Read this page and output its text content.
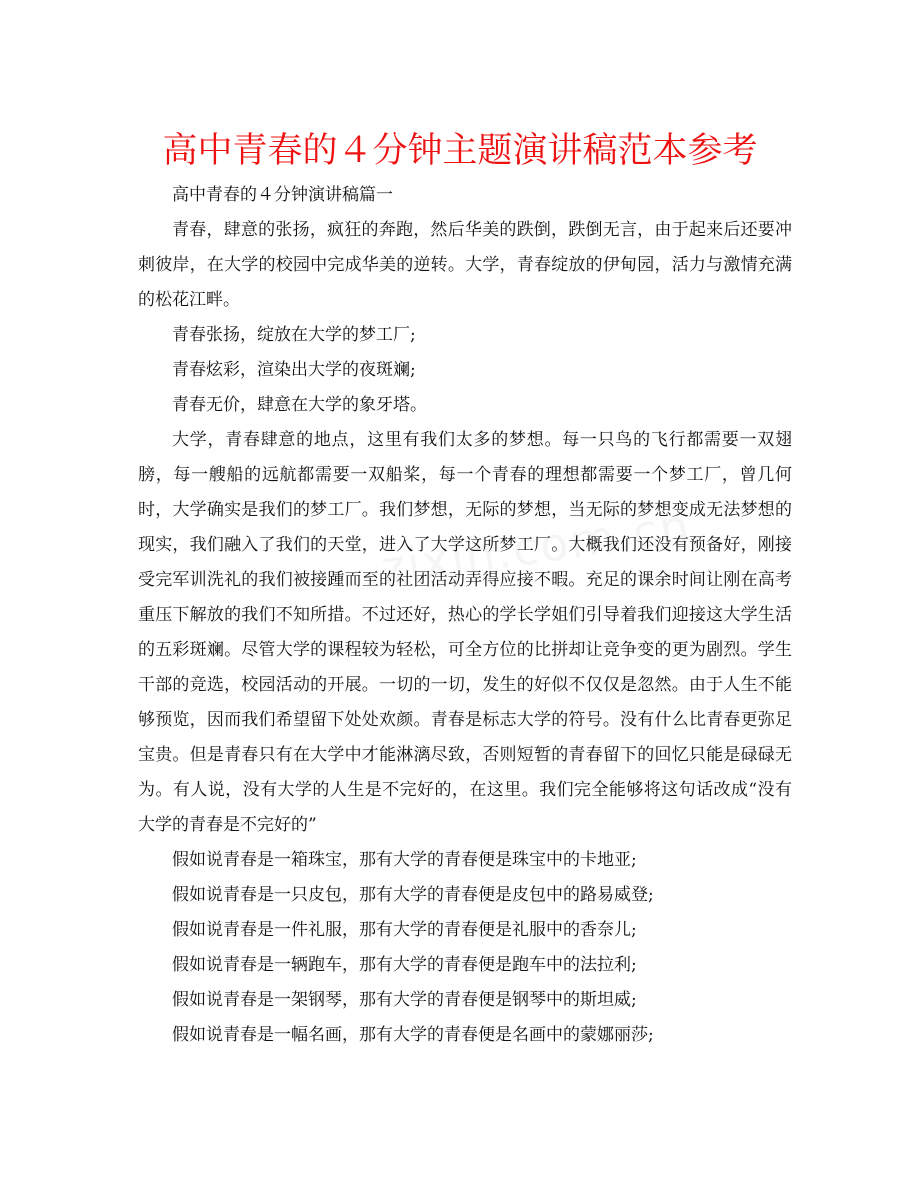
高中青春的４分钟主题演讲稿范本参考

高中青春的４分钟演讲稿篇一

青春，肆意的张扬，疯狂的奔跑，然后华美的跌倒，跌倒无言，由于起来后还要冲刺彼岸，在大学的校园中完成华美的逆转。大学，青春绽放的伊甸园，活力与激情充满的松花江畔。

青春张扬，绽放在大学的梦工厂;

青春炫彩，渲染出大学的夜斑斓;

青春无价，肆意在大学的象牙塔。

大学，青春肆意的地点，这里有我们太多的梦想。每一只鸟的飞行都需要一双翅膀，每一艘船的远航都需要一双船桨，每一个青春的理想都需要一个梦工厂，曾几何时，大学确实是我们的梦工厂。我们梦想，无际的梦想，当无际的梦想变成无法梦想的现实，我们融入了我们的天堂，进入了大学这所梦工厂。大概我们还没有预备好，刚接受完军训洗礼的我们被接踵而至的社团活动弄得应接不暇。充足的课余时间让刚在高考重压下解放的我们不知所措。不过还好，热心的学长学姐们引导着我们迎接这大学生活的五彩斑斓。尽管大学的课程较为轻松，可全方位的比拼却让竞争变的更为剧烈。学生干部的竞选，校园活动的开展。一切的一切，发生的好似不仅仅是忽然。由于人生不能够预览，因而我们希望留下处处欢颜。青春是标志大学的符号。没有什么比青春更弥足宝贵。但是青春只有在大学中才能淋漓尽致，否则短暂的青春留下的回忆只能是碌碌无为。有人说，没有大学的人生是不完好的，在这里。我们完全能够将这句话改成“没有大学的青春是不完好的”

假如说青春是一箱珠宝，那有大学的青春便是珠宝中的卡地亚;

假如说青春是一只皮包，那有大学的青春便是皮包中的路易威登;

假如说青春是一件礼服，那有大学的青春便是礼服中的香奈儿;

假如说青春是一辆跑车，那有大学的青春便是跑车中的法拉利;

假如说青春是一架钢琴，那有大学的青春便是钢琴中的斯坦威;

假如说青春是一幅名画，那有大学的青春便是名画中的蒙娜丽莎;
